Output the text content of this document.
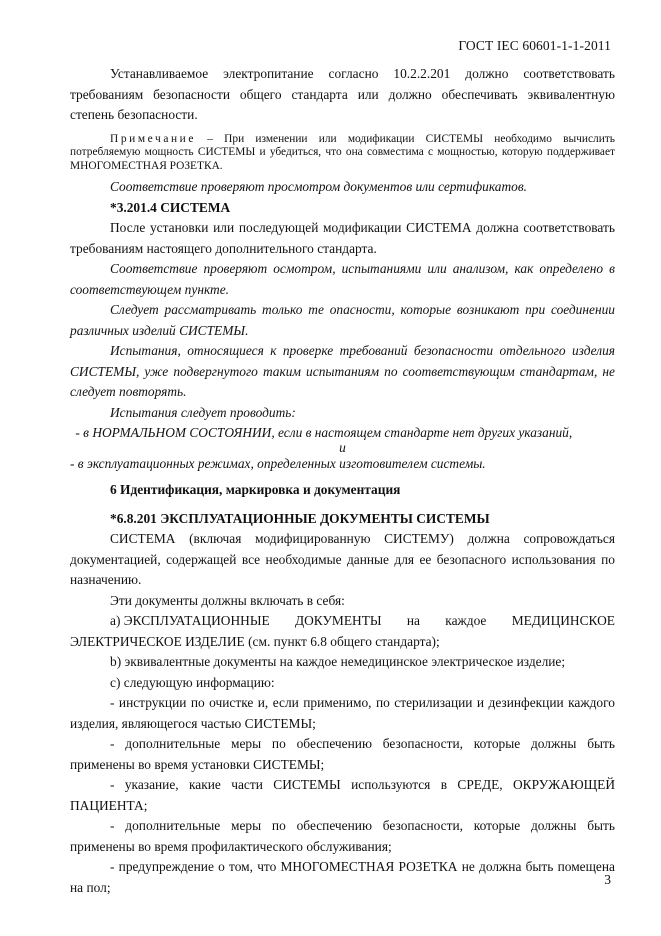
ГОСТ IEC 60601-1-1-2011

Устанавливаемое электропитание согласно 10.2.2.201 должно соответствовать требованиям безопасности общего стандарта или должно обеспечивать эквивалентную степень безопасности.

Примечание – При изменении или модификации СИСТЕМЫ необходимо вычислить потребляемую мощность СИСТЕМЫ и убедиться, что она совместима с мощностью, которую поддерживает МНОГОМЕСТНАЯ РОЗЕТКА.

Соответствие проверяют просмотром документов или сертификатов.

*3.201.4 СИСТЕМА

После установки или последующей модификации СИСТЕМА должна соответствовать требованиям настоящего дополнительного стандарта.

Соответствие проверяют осмотром, испытаниями или анализом, как определено в соответствующем пункте.

Следует рассматривать только те опасности, которые возникают при соединении различных изделий СИСТЕМЫ.

Испытания, относящиеся к проверке требований безопасности отдельного изделия СИСТЕМЫ, уже подвергнутого таким испытаниям по соответствующим стандартам, не следует повторять.

Испытания следует проводить:

- в НОРМАЛЬНОМ СОСТОЯНИИ, если в настоящем стандарте нет других указаний,

и

- в эксплуатационных режимах, определенных изготовителем системы.

6 Идентификация, маркировка и документация

*6.8.201 ЭКСПЛУАТАЦИОННЫЕ ДОКУМЕНТЫ СИСТЕМЫ

СИСТЕМА (включая модифицированную СИСТЕМУ) должна сопровождаться документацией, содержащей все необходимые данные для ее безопасного использования по назначению.

Эти документы должны включать в себя:

а) ЭКСПЛУАТАЦИОННЫЕ ДОКУМЕНТЫ на каждое МЕДИЦИНСКОЕ

ЭЛЕКТРИЧЕСКОЕ ИЗДЕЛИЕ (см. пункт 6.8 общего стандарта);

b) эквивалентные документы на каждое немедицинское электрическое изделие;

с) следующую информацию:

- инструкции по очистке и, если применимо, по стерилизации и дезинфекции каждого изделия, являющегося частью СИСТЕМЫ;

- дополнительные меры по обеспечению безопасности, которые должны быть применены во время установки СИСТЕМЫ;

- указание, какие части СИСТЕМЫ используются в СРЕДЕ, ОКРУЖАЮЩЕЙ ПАЦИЕНТА;

- дополнительные меры по обеспечению безопасности, которые должны быть применены во время профилактического обслуживания;

- предупреждение о том, что МНОГОМЕСТНАЯ РОЗЕТКА не должна быть помещена на пол;

3
